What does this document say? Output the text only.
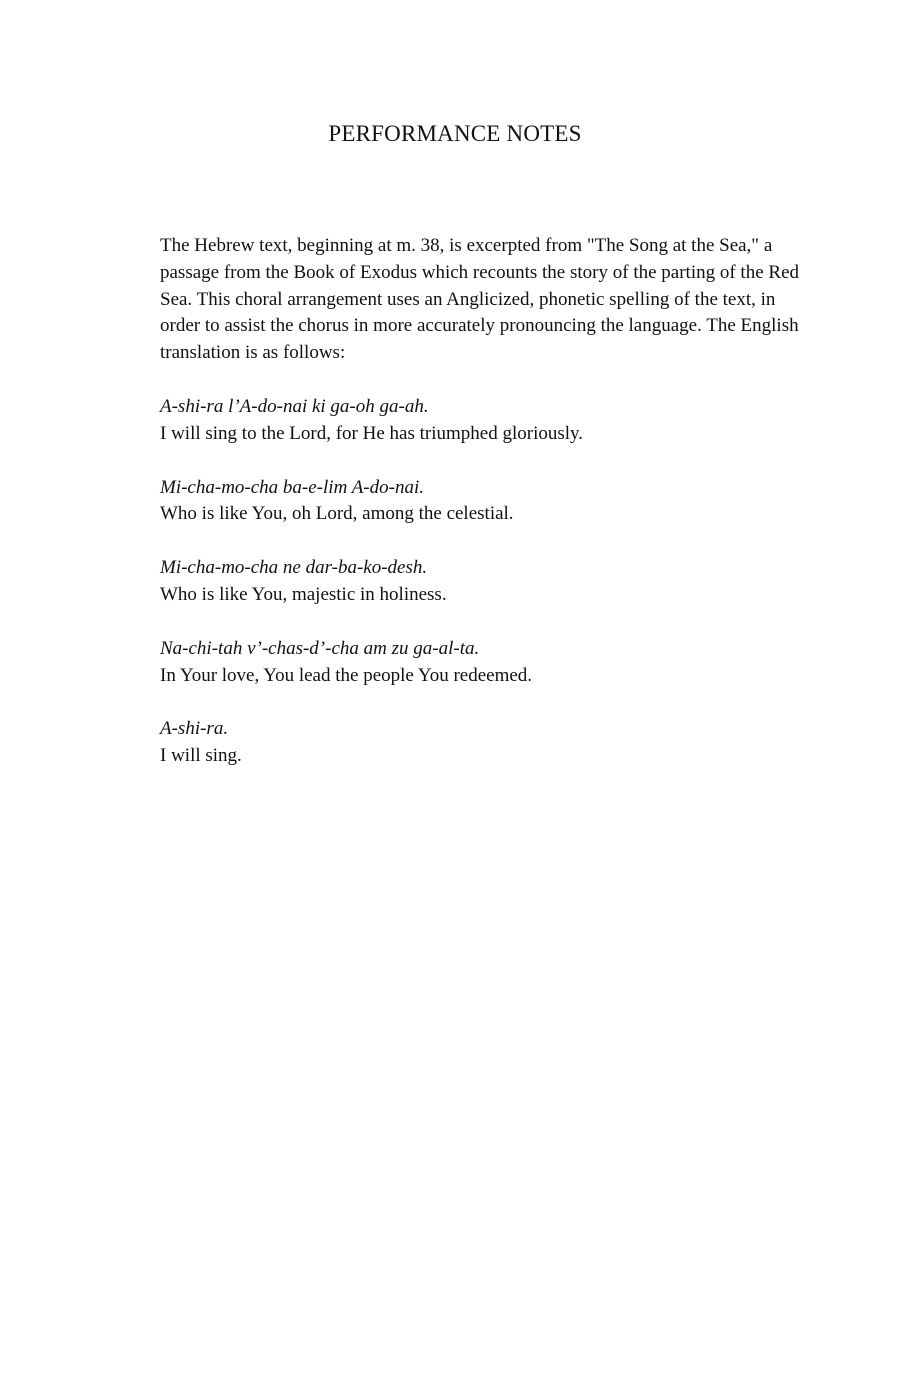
PERFORMANCE NOTES

The Hebrew text, beginning at m. 38, is excerpted from "The Song at the Sea," a passage from the Book of Exodus which recounts the story of the parting of the Red Sea. This choral arrangement uses an Anglicized, phonetic spelling of the text, in order to assist the chorus in more accurately pronouncing the language. The English translation is as follows:

A-shi-ra l’A-do-nai ki ga-oh ga-ah.

I will sing to the Lord, for He has triumphed gloriously.

Mi-cha-mo-cha ba-e-lim A-do-nai.

Who is like You, oh Lord, among the celestial.

Mi-cha-mo-cha ne dar-ba-ko-desh.

Who is like You, majestic in holiness.

Na-chi-tah v’-chas-d’-cha am zu ga-al-ta.

In Your love, You lead the people You redeemed.

A-shi-ra.

I will sing.
